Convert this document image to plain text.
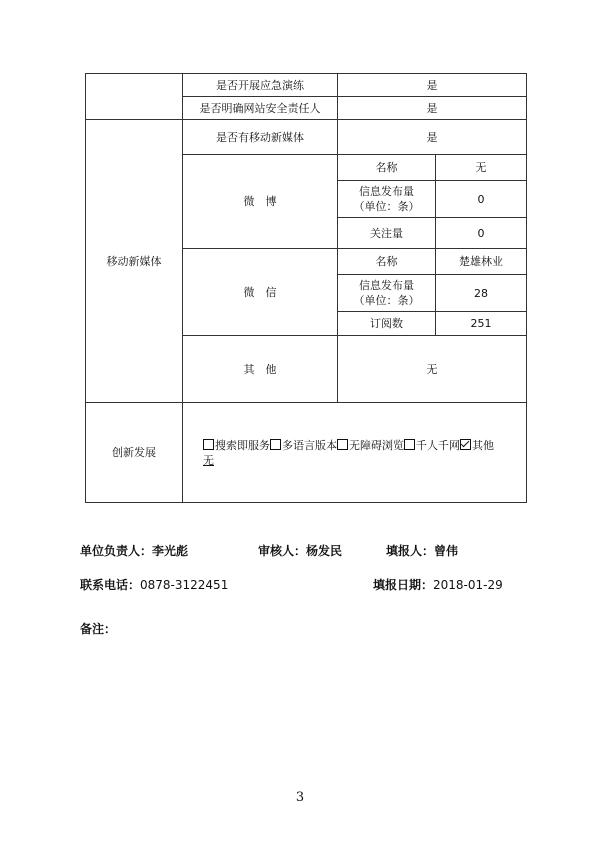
	是否开展应急演练	是	
	是否明确网站安全责任人	是	
移动新媒体	是否有移动新媒体	是	
	微　博	名称	无
		信息发布量
（单位：条）	0
		关注量	0
	微　信	名称	楚雄林业
		信息发布量
（单位：条）	28
		订阅数	251
	其　他	无	
创新发展	搜索即服务 多语言版本 无障碍浏览 千人千网 其他
无		
单位负责人：李光彪	审核人：杨发民	填报人：曾伟
联系电话：0878-3122451	填报日期：2018-01-29
备注：
3
